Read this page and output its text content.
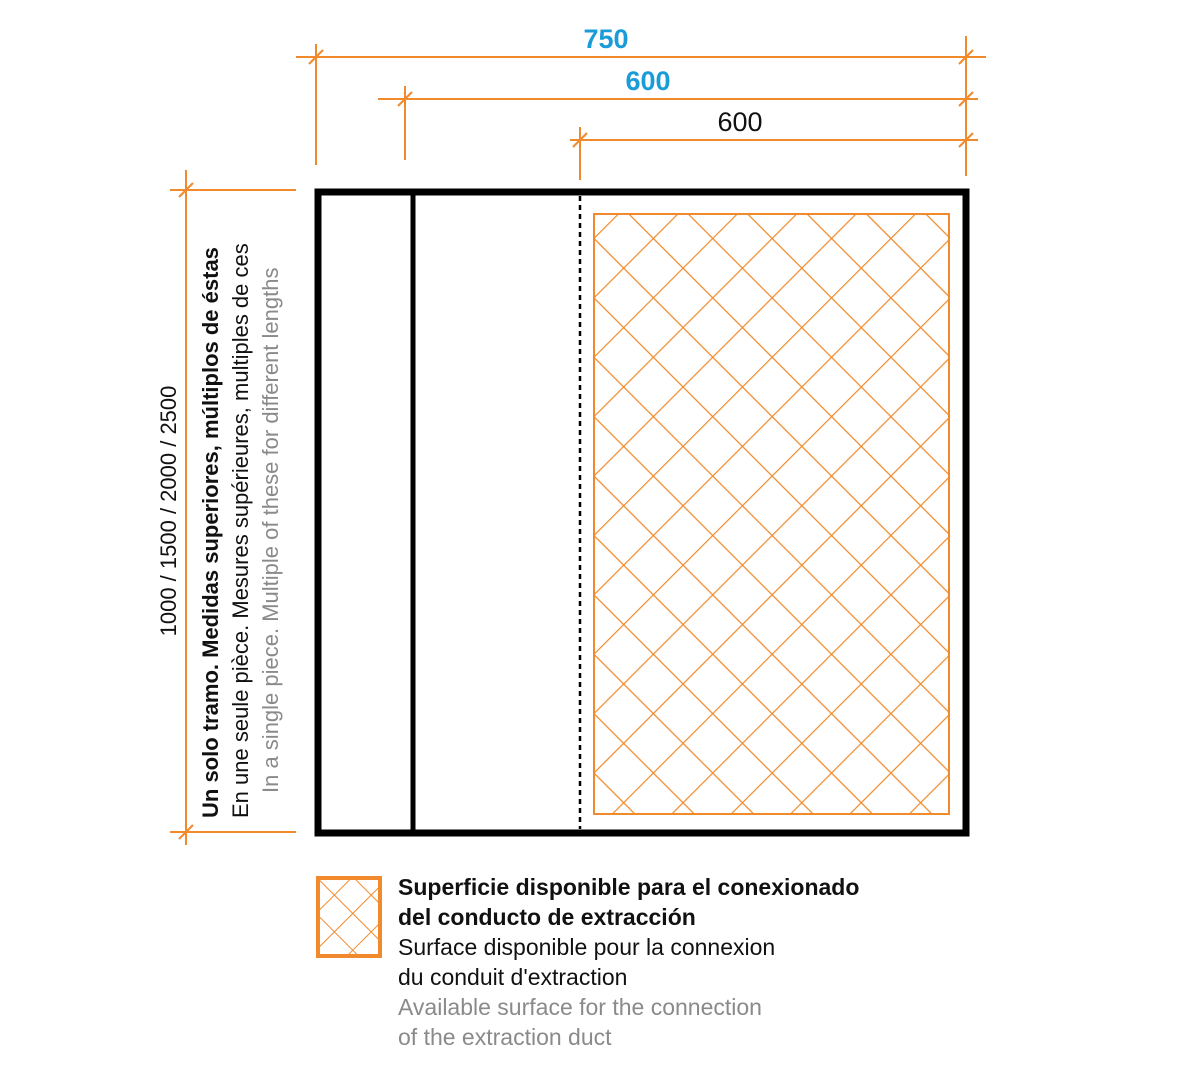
750
600
600
1000 / 1500 / 2000 / 2500 Un solo tramo. Medidas superiores, múltiplos de éstas En une seule pièce. Mesures supérieures, multiples de ces In a single piece. Multiple of these for different lengths
Superficie disponible para el conexionado
del conducto de extracción
Surface disponible pour la connexion
du conduit d'extraction
Available surface for the connection
of the extraction duct
